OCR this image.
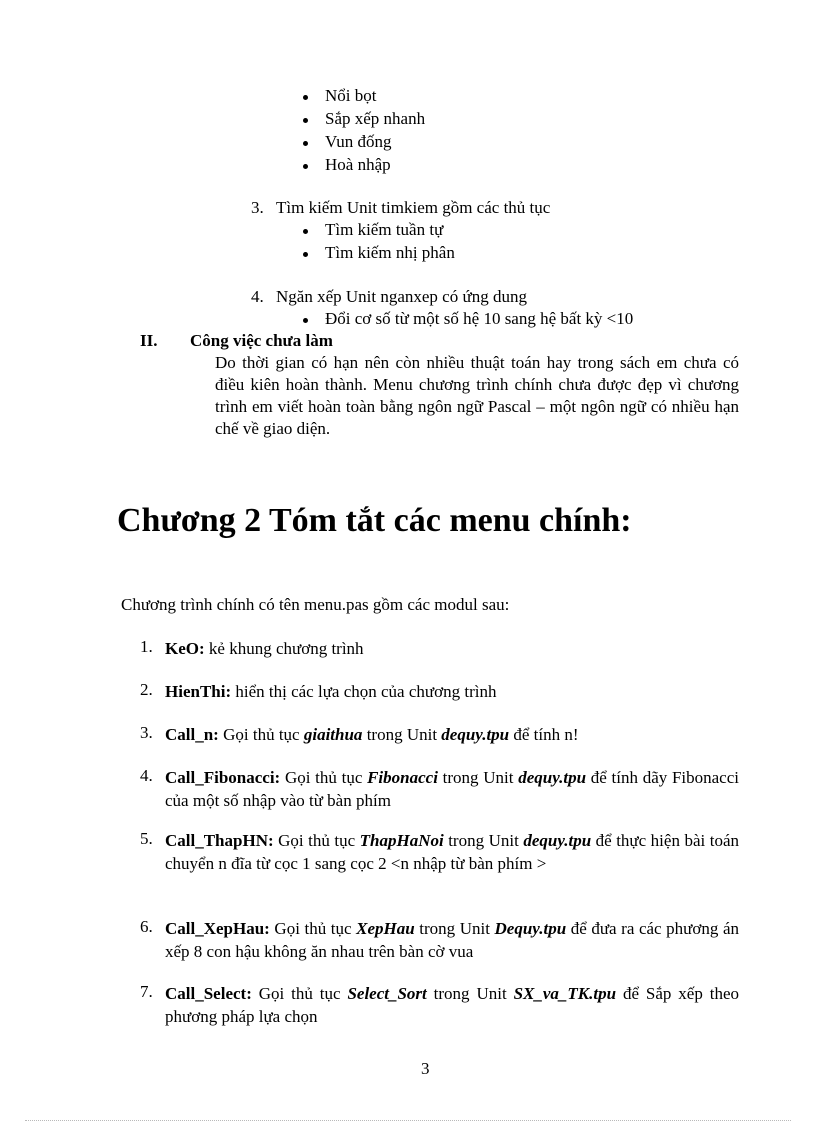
Nổi bọt
Sắp xếp nhanh
Vun đống
Hoà nhập
3. Tìm kiếm Unit timkiem gồm các thủ tục
Tìm kiếm tuần tự
Tìm kiếm nhị phân
4. Ngăn xếp Unit nganxep có ứng dung
Đổi cơ số từ một số hệ 10 sang hệ bất kỳ <10
II. Công việc chưa làm
Do thời gian có hạn nên còn nhiều thuật toán hay trong sách em chưa có điều kiên hoàn thành. Menu chương trình chính chưa được đẹp vì chương trình em viết hoàn toàn bằng ngôn ngữ Pascal – một ngôn ngữ có nhiều hạn chế về giao diện.
Chương 2 Tóm tắt các menu chính:
Chương trình chính có tên menu.pas gồm các modul sau:
1. KeO: kẻ khung chương trình
2. HienThi: hiển thị các lựa chọn của chương trình
3. Call_n: Gọi thủ tục giaithua trong Unit dequy.tpu để tính n!
4. Call_Fibonacci: Gọi thủ tục Fibonacci trong Unit dequy.tpu để tính dãy Fibonacci của một số nhập vào từ bàn phím
5. Call_ThapHN: Gọi thủ tục ThapHaNoi trong Unit dequy.tpu để thực hiện bài toán chuyển n đĩa từ cọc 1 sang cọc 2 <n nhập từ bàn phím >
6. Call_XepHau: Gọi thủ tục XepHau trong Unit Dequy.tpu để đưa ra các phương án xếp 8 con hậu không ăn nhau trên bàn cờ vua
7. Call_Select: Gọi thủ tục Select_Sort trong Unit SX_va_TK.tpu để Sắp xếp theo phương pháp lựa chọn
3
